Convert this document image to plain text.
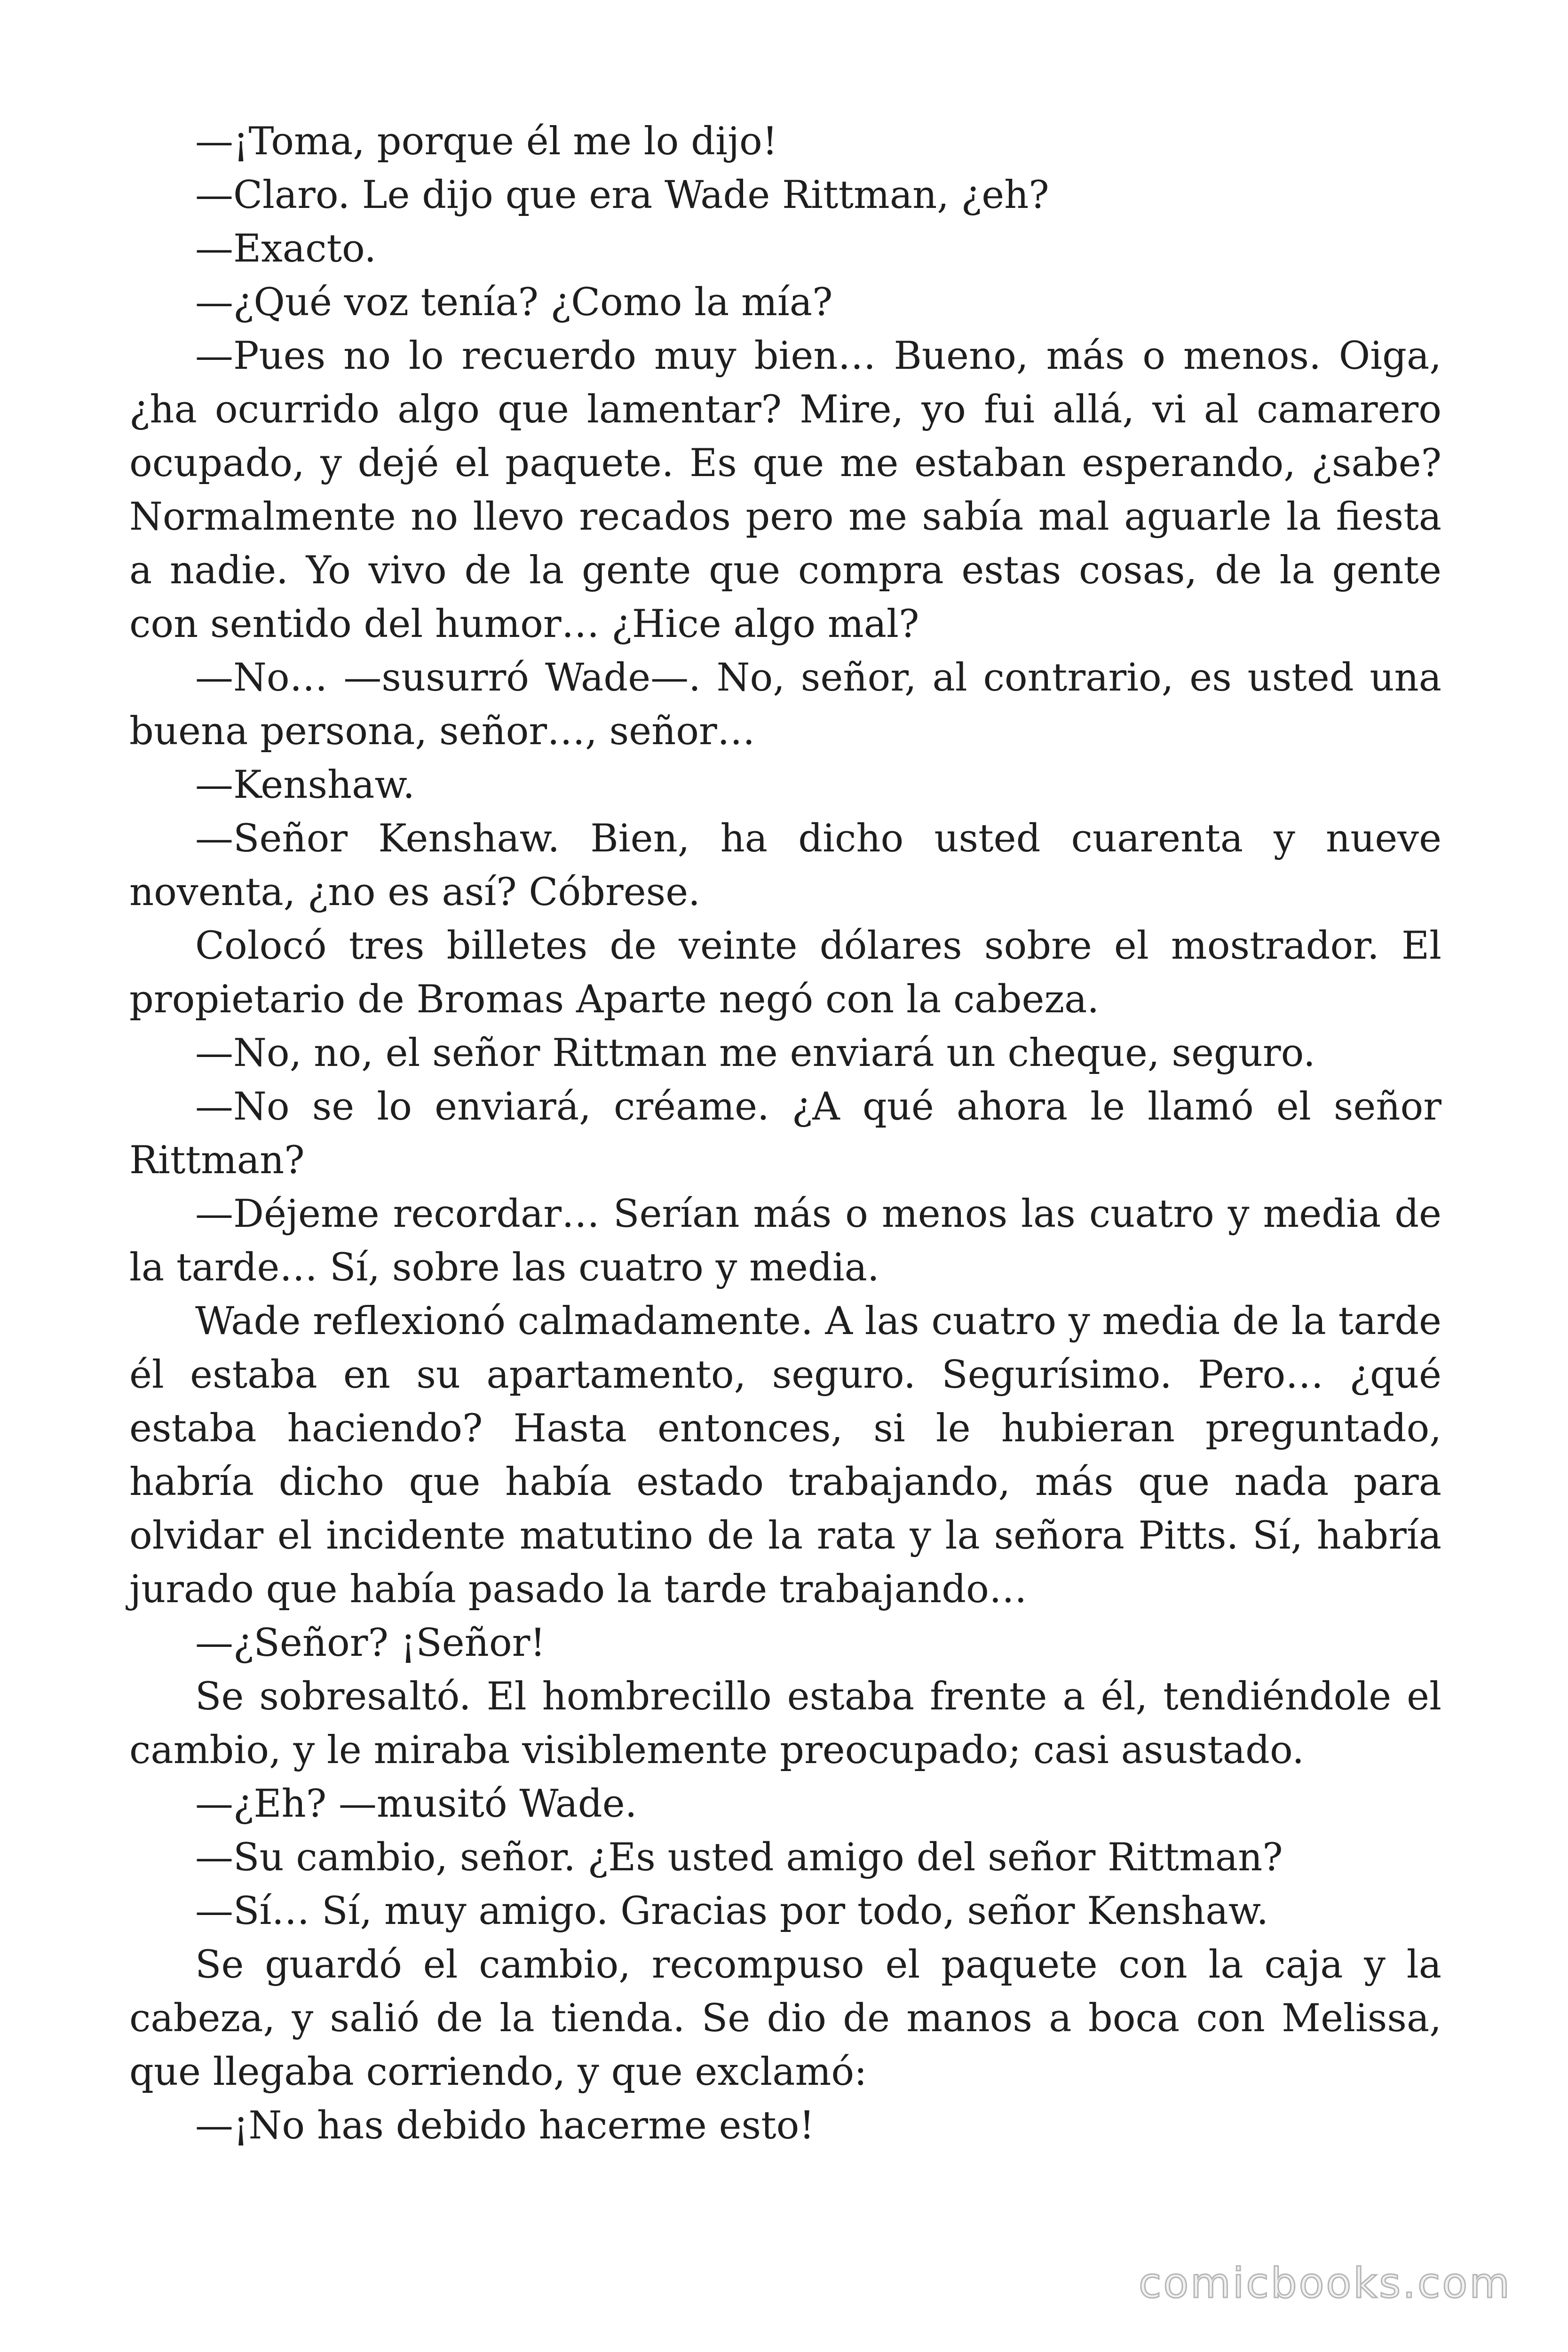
—¡Toma, porque él me lo dijo!

—Claro. Le dijo que era Wade Rittman, ¿eh?

—Exacto.

—¿Qué voz tenía? ¿Como la mía?

—Pues no lo recuerdo muy bien… Bueno, más o menos. Oiga, ¿ha ocurrido algo que lamentar? Mire, yo fui allá, vi al camarero ocupado, y dejé el paquete. Es que me estaban esperando, ¿sabe? Normalmente no llevo recados pero me sabía mal aguarle la fiesta a nadie. Yo vivo de la gente que compra estas cosas, de la gente con sentido del humor… ¿Hice algo mal?

—No… —susurró Wade—. No, señor, al contrario, es usted una buena persona, señor…, señor…

—Kenshaw.

—Señor Kenshaw. Bien, ha dicho usted cuarenta y nueve noventa, ¿no es así? Cóbrese.

Colocó tres billetes de veinte dólares sobre el mostrador. El propietario de Bromas Aparte negó con la cabeza.

—No, no, el señor Rittman me enviará un cheque, seguro.

—No se lo enviará, créame. ¿A qué ahora le llamó el señor Rittman?

—Déjeme recordar… Serían más o menos las cuatro y media de la tarde… Sí, sobre las cuatro y media.

Wade reflexionó calmadamente. A las cuatro y media de la tarde él estaba en su apartamento, seguro. Segurísimo. Pero… ¿qué estaba haciendo? Hasta entonces, si le hubieran preguntado, habría dicho que había estado trabajando, más que nada para olvidar el incidente matutino de la rata y la señora Pitts. Sí, habría jurado que había pasado la tarde trabajando…

—¿Señor? ¡Señor!

Se sobresaltó. El hombrecillo estaba frente a él, tendiéndole el cambio, y le miraba visiblemente preocupado; casi asustado.

—¿Eh? —musitó Wade.

—Su cambio, señor. ¿Es usted amigo del señor Rittman?

—Sí… Sí, muy amigo. Gracias por todo, señor Kenshaw.

Se guardó el cambio, recompuso el paquete con la caja y la cabeza, y salió de la tienda. Se dio de manos a boca con Melissa, que llegaba corriendo, y que exclamó:

—¡No has debido hacerme esto!

comicbooks.com
